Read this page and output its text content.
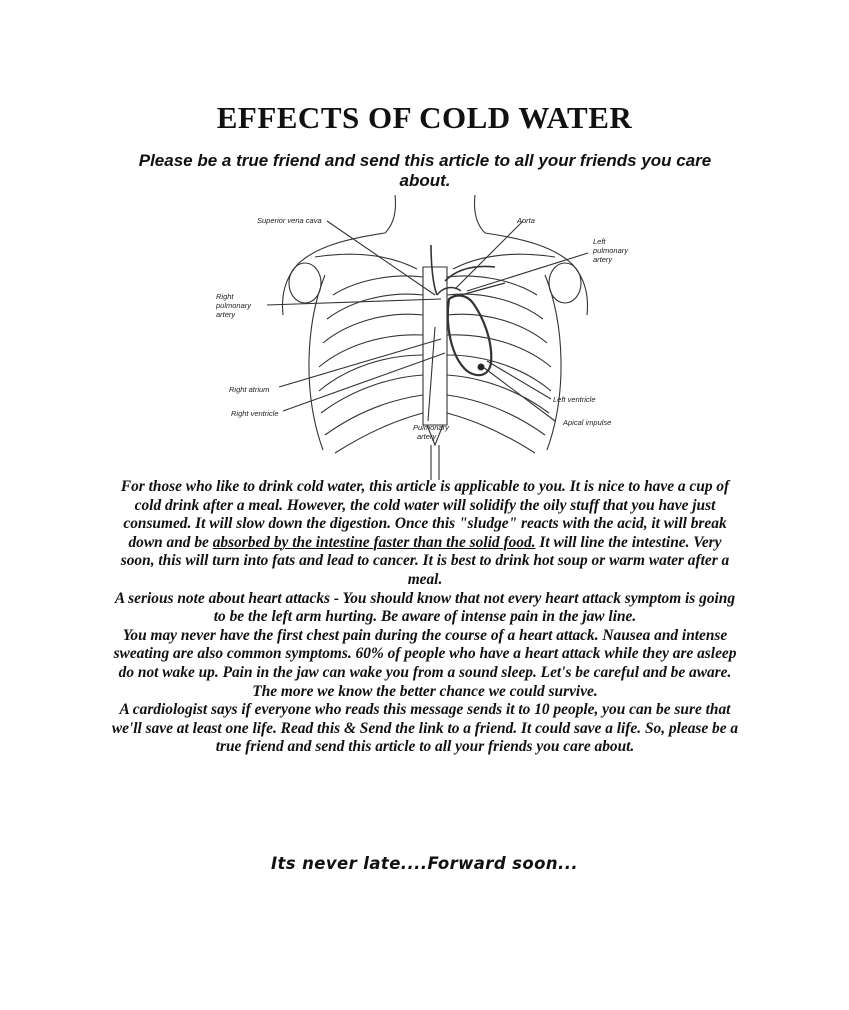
EFFECTS OF COLD WATER

Please be a true friend and send this article to all your friends you care about.

Superior vena cava	Aorta
Left
pulmonary
artery
Right
pulmonary
artery
Right atrium
Right ventricle
Left ventricle
Apical impulse
Pulmonary
artery

For those who like to drink cold water, this article is applicable to you. It is nice to have a cup of cold drink after a meal. However, the cold water will solidify the oily stuff that you have just consumed. It will slow down the digestion. Once this "sludge" reacts with the acid, it will break down and be absorbed by the intestine faster than the solid food. It will line the intestine. Very soon, this will turn into fats and lead to cancer. It is best to drink hot soup or warm water after a meal.

A serious note about heart attacks - You should know that not every heart attack symptom is going to be the left arm hurting. Be aware of intense pain in the jaw line.

You may never have the first chest pain during the course of a heart attack. Nausea and intense sweating are also common symptoms. 60% of people who have a heart attack while they are asleep do not wake up. Pain in the jaw can wake you from a sound sleep. Let's be careful and be aware. The more we know the better chance we could survive.

A cardiologist says if everyone who reads this message sends it to 10 people, you can be sure that we'll save at least one life. Read this & Send the link to a friend. It could save a life. So, please be a true friend and send this article to all your friends you care about.

Its never late....Forward soon...
